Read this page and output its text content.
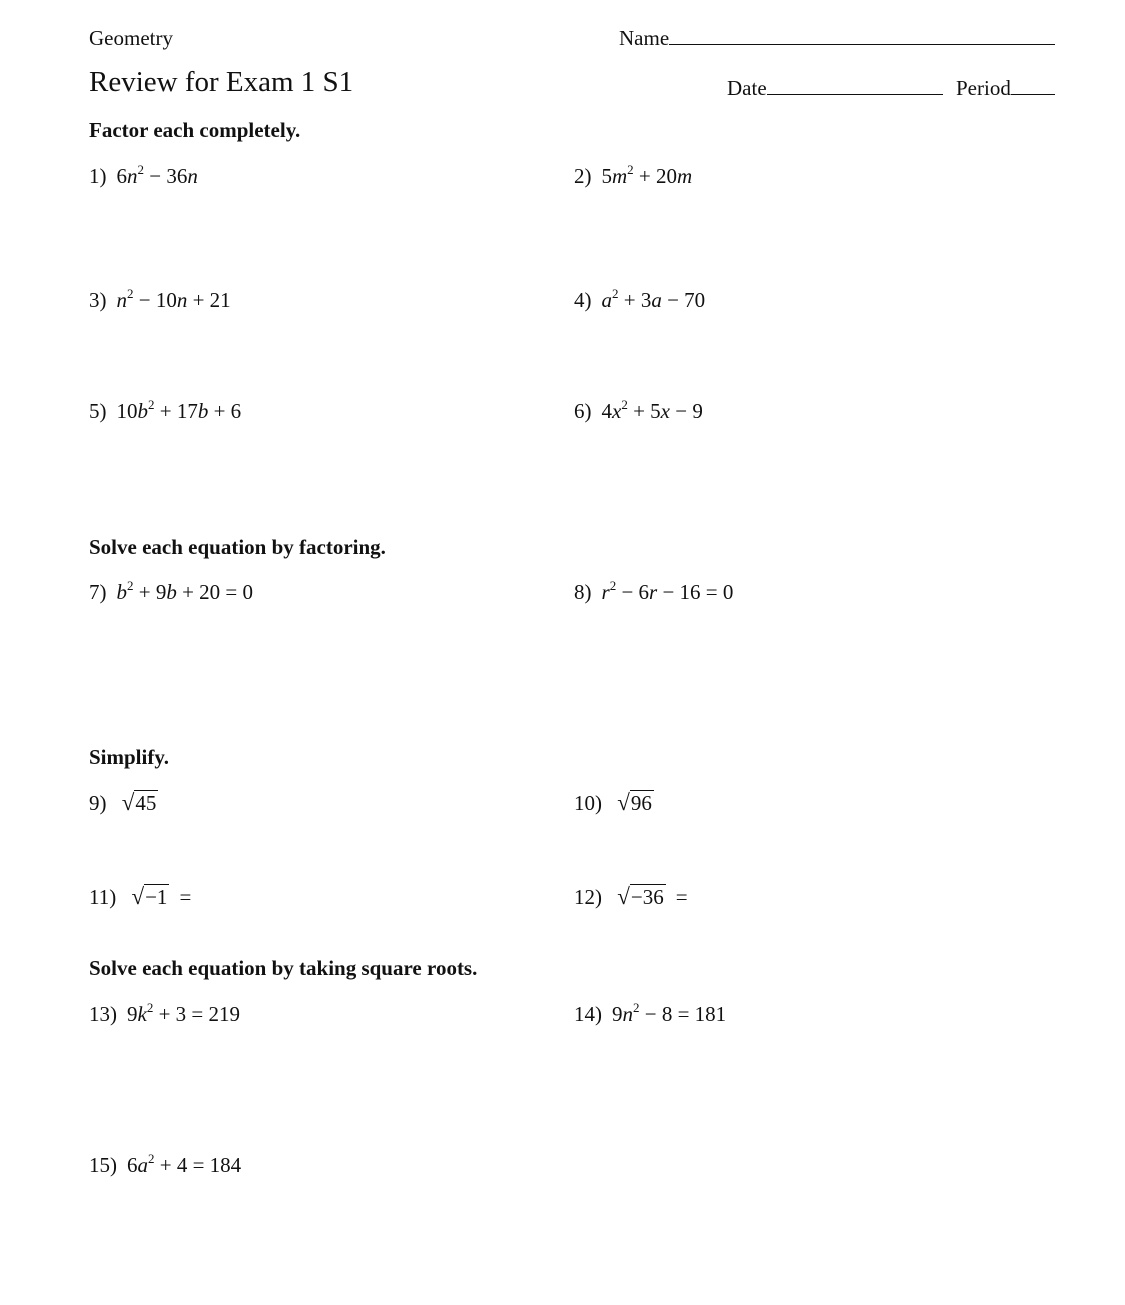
Geometry
Review for Exam 1 S1
Name
Date	Period
Factor each completely.
1) $6n^2 - 36n$	2) $5m^2 + 20m$
3) $n^2 - 10n + 21$	4) $a^2 + 3a - 70$
5) $10b^2 + 17b + 6$	6) $4x^2 + 5x - 9$
Solve each equation by factoring.
7) $b^2 + 9b + 20 = 0$	8) $r^2 - 6r - 16 = 0$
Simplify.
9) √45	10) √96
11) √−1 =	12) √−36 =
Solve each equation by taking square roots.
13) $9k^2 + 3 = 219$	14) $9n^2 - 8 = 181$
15) $6a^2 + 4 = 184$
